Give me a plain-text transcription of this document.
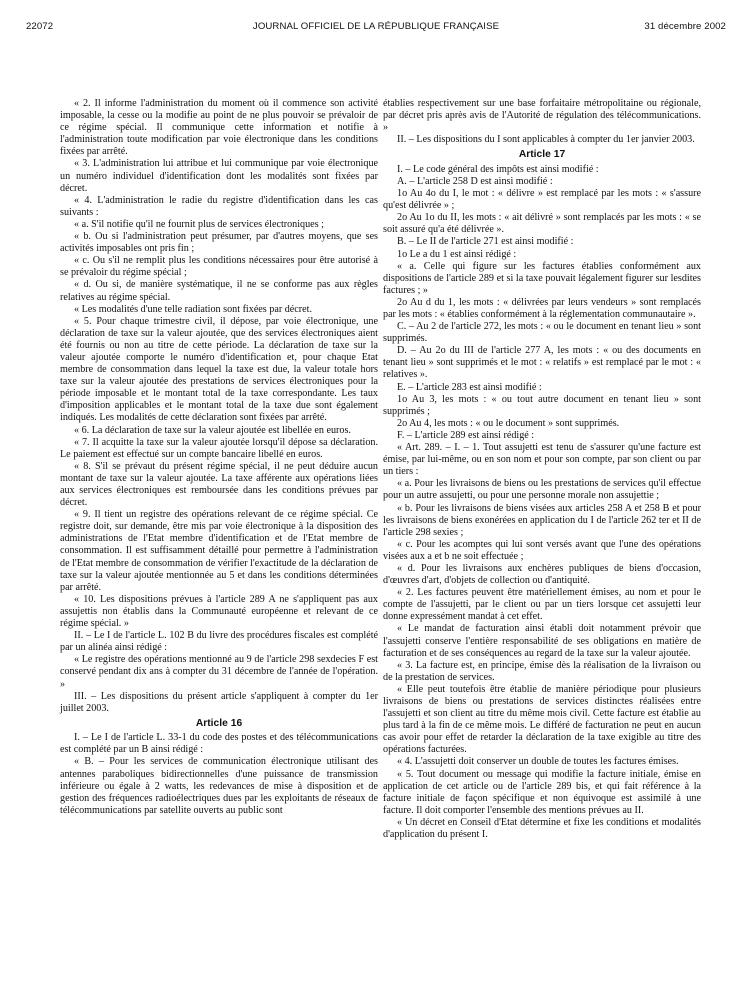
22072	JOURNAL OFFICIEL DE LA RÉPUBLIQUE FRANÇAISE	31 décembre 2002

« 2. Il informe l'administration du moment où il commence son activité imposable, la cesse ou la modifie au point de ne plus pouvoir se prévaloir de ce régime spécial. Il communique cette information et notifie à l'administration toute modification par voie électronique dans les conditions fixées par arrêté.

« 3. L'administration lui attribue et lui communique par voie électronique un numéro individuel d'identification dont les modalités sont fixées par décret.

« 4. L'administration le radie du registre d'identification dans les cas suivants :

« a. S'il notifie qu'il ne fournit plus de services électroniques ;

« b. Ou si l'administration peut présumer, par d'autres moyens, que ses activités imposables ont pris fin ;

« c. Ou s'il ne remplit plus les conditions nécessaires pour être autorisé à se prévaloir du régime spécial ;

« d. Ou si, de manière systématique, il ne se conforme pas aux règles relatives au régime spécial.

« Les modalités d'une telle radiation sont fixées par décret.

« 5. Pour chaque trimestre civil, il dépose, par voie électronique, une déclaration de taxe sur la valeur ajoutée, que des services électroniques aient été fournis ou non au titre de cette période. La déclaration de taxe sur la valeur ajoutée comporte le numéro d'identification et, pour chaque Etat membre de consommation dans lequel la taxe est due, la valeur totale hors taxe sur la valeur ajoutée des prestations de services électroniques pour la période imposable et le montant total de la taxe correspondante. Les taux d'imposition applicables et le montant total de la taxe due sont également indiqués. Les modalités de cette déclaration sont fixées par arrêté.

« 6. La déclaration de taxe sur la valeur ajoutée est libellée en euros.

« 7. Il acquitte la taxe sur la valeur ajoutée lorsqu'il dépose sa déclaration. Le paiement est effectué sur un compte bancaire libellé en euros.

« 8. S'il se prévaut du présent régime spécial, il ne peut déduire aucun montant de taxe sur la valeur ajoutée. La taxe afférente aux opérations liées aux services électroniques est remboursée dans les conditions prévues par décret.

« 9. Il tient un registre des opérations relevant de ce régime spécial. Ce registre doit, sur demande, être mis par voie électronique à la disposition des administrations de l'Etat membre d'identification et de l'Etat membre de consommation. Il est suffisamment détaillé pour permettre à l'administration de l'Etat membre de consommation de vérifier l'exactitude de la déclaration de taxe sur la valeur ajoutée mentionnée au 5 et dans les conditions déterminées par arrêté.

« 10. Les dispositions prévues à l'article 289 A ne s'appliquent pas aux assujettis non établis dans la Communauté européenne et relevant de ce régime spécial. »

II. – Le I de l'article L. 102 B du livre des procédures fiscales est complété par un alinéa ainsi rédigé :

« Le registre des opérations mentionné au 9 de l'article 298 sexdecies F est conservé pendant dix ans à compter du 31 décembre de l'année de l'opération. »

III. – Les dispositions du présent article s'appliquent à compter du 1er juillet 2003.

Article 16

I. – Le I de l'article L. 33-1 du code des postes et des télécommunications est complété par un B ainsi rédigé :

« B. – Pour les services de communication électronique utilisant des antennes paraboliques bidirectionnelles d'une puissance de transmission inférieure ou égale à 2 watts, les redevances de mise à disposition et de gestion des fréquences radioélectriques dues par les exploitants de réseaux de télécommunications par satellite ouverts au public sont

établies respectivement sur une base forfaitaire métropolitaine ou régionale, par décret pris après avis de l'Autorité de régulation des télécommunications. »

II. – Les dispositions du I sont applicables à compter du 1er janvier 2003.

Article 17

I. – Le code général des impôts est ainsi modifié :

A. – L'article 258 D est ainsi modifié :

1o Au 4o du I, le mot : « délivre » est remplacé par les mots : « s'assure qu'est délivrée » ;

2o Au 1o du II, les mots : « ait délivré » sont remplacés par les mots : « se soit assuré qu'a été délivrée ».

B. – Le II de l'article 271 est ainsi modifié :

1o Le a du 1 est ainsi rédigé :

« a. Celle qui figure sur les factures établies conformément aux dispositions de l'article 289 et si la taxe pouvait légalement figurer sur lesdites factures ; »

2o Au d du 1, les mots : « délivrées par leurs vendeurs » sont remplacés par les mots : « établies conformément à la réglementation communautaire ».

C. – Au 2 de l'article 272, les mots : « ou le document en tenant lieu » sont supprimés.

D. – Au 2o du III de l'article 277 A, les mots : « ou des documents en tenant lieu » sont supprimés et le mot : « relatifs » est remplacé par le mot : « relatives ».

E. – L'article 283 est ainsi modifié :

1o Au 3, les mots : « ou tout autre document en tenant lieu » sont supprimés ;

2o Au 4, les mots : « ou le document » sont supprimés.

F. – L'article 289 est ainsi rédigé :

« Art. 289. – I. – 1. Tout assujetti est tenu de s'assurer qu'une facture est émise, par lui-même, ou en son nom et pour son compte, par son client ou par un tiers :

« a. Pour les livraisons de biens ou les prestations de services qu'il effectue pour un autre assujetti, ou pour une personne morale non assujettie ;

« b. Pour les livraisons de biens visées aux articles 258 A et 258 B et pour les livraisons de biens exonérées en application du I de l'article 262 ter et II de l'article 298 sexies ;

« c. Pour les acomptes qui lui sont versés avant que l'une des opérations visées aux a et b ne soit effectuée ;

« d. Pour les livraisons aux enchères publiques de biens d'occasion, d'œuvres d'art, d'objets de collection ou d'antiquité.

« 2. Les factures peuvent être matériellement émises, au nom et pour le compte de l'assujetti, par le client ou par un tiers lorsque cet assujetti leur donne expressément mandat à cet effet.

« Le mandat de facturation ainsi établi doit notamment prévoir que l'assujetti conserve l'entière responsabilité de ses obligations en matière de facturation et de ses conséquences au regard de la taxe sur la valeur ajoutée.

« 3. La facture est, en principe, émise dès la réalisation de la livraison ou de la prestation de services.

« Elle peut toutefois être établie de manière périodique pour plusieurs livraisons de biens ou prestations de services distinctes réalisées entre l'assujetti et son client au titre du même mois civil. Cette facture est établie au plus tard à la fin de ce même mois. Le différé de facturation ne peut en aucun cas avoir pour effet de retarder la déclaration de la taxe exigible au titre des opérations facturées.

« 4. L'assujetti doit conserver un double de toutes les factures émises.

« 5. Tout document ou message qui modifie la facture initiale, émise en application de cet article ou de l'article 289 bis, et qui fait référence à la facture initiale de façon spécifique et non équivoque est assimilé à une facture. Il doit comporter l'ensemble des mentions prévues au II.

« Un décret en Conseil d'Etat détermine et fixe les conditions et modalités d'application du présent I.
